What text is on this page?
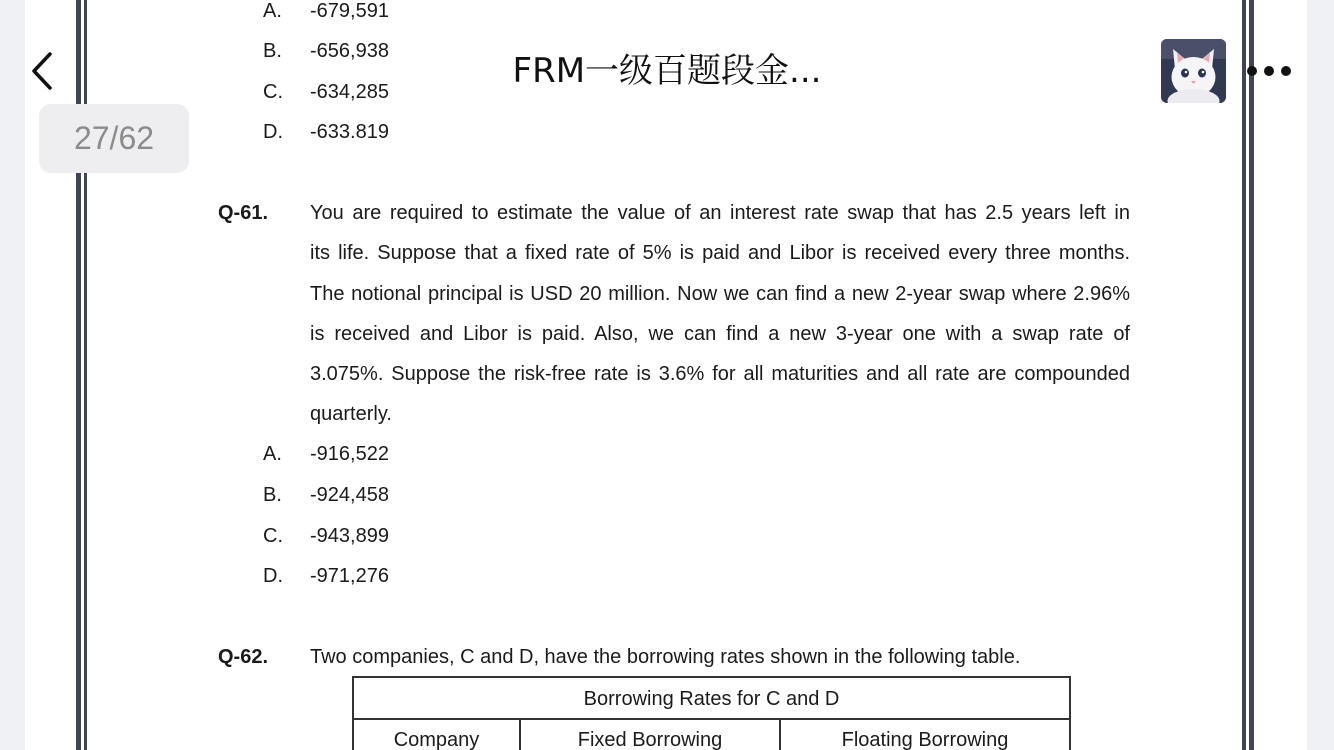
A. -679,591
B. -656,938
C. -634,285
D. -633.819
Q-61. You are required to estimate the value of an interest rate swap that has 2.5 years left in
its life. Suppose that a fixed rate of 5% is paid and Libor is received every three months.
The notional principal is USD 20 million. Now we can find a new 2-year swap where 2.96%
is received and Libor is paid. Also, we can find a new 3-year one with a swap rate of
3.075%. Suppose the risk-free rate is 3.6% for all maturities and all rate are compounded
quarterly.
A. -916,522
B. -924,458
C. -943,899
D. -971,276
Q-62. Two companies, C and D, have the borrowing rates shown in the following table.
Borrowing Rates for C and D
Company	Fixed Borrowing	Floating Borrowing
27/62
FRM一级百题段金...
